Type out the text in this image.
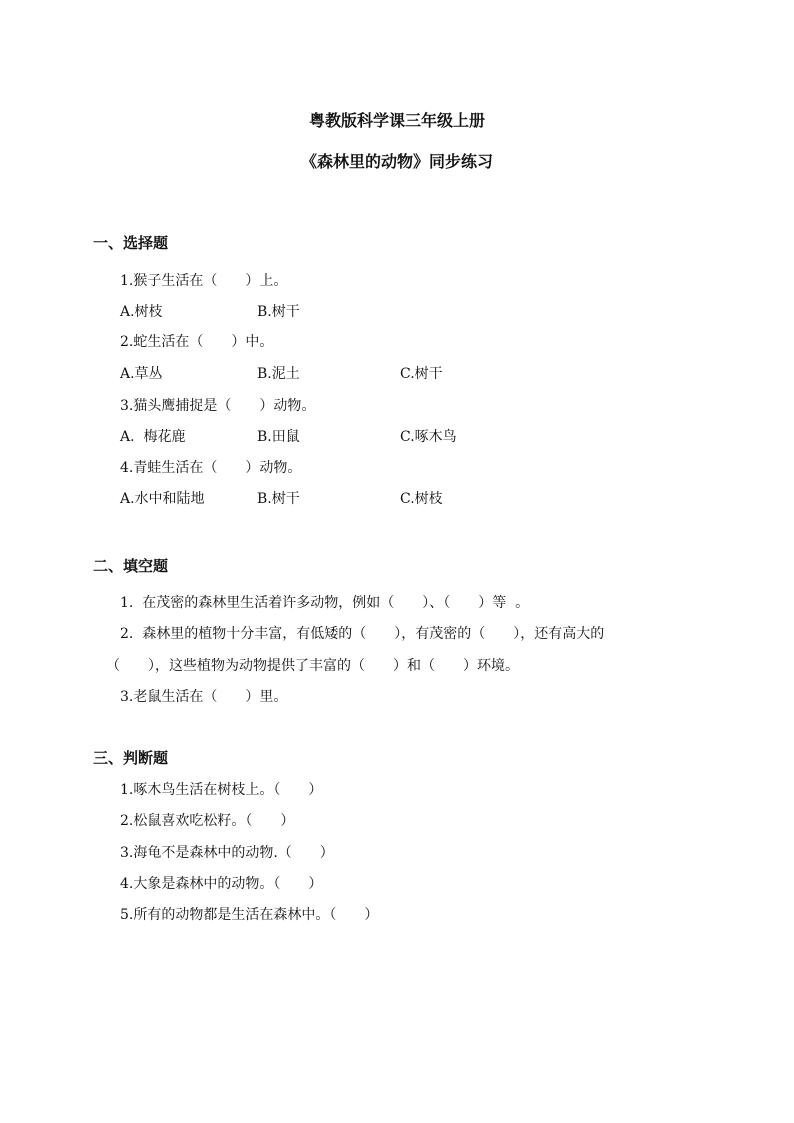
粤教版科学课三年级上册
《森林里的动物》同步练习
一、选择题
1.猴子生活在（　　）上。
A.树枝	B.树干
2.蛇生活在（　　）中。
A.草丛	B.泥土	C.树干
3.猫头鹰捕捉是（　　）动物。
A.  梅花鹿	B.田鼠	C.啄木鸟
4.青蛙生活在（　　）动物。
A.水中和陆地	B.树干	C.树枝
二、填空题
1.  在茂密的森林里生活着许多动物，例如（　　）、（　　）等  。
2.  森林里的植物十分丰富，有低矮的（　　），有茂密的（　　），还有高大的
（　　），这些植物为动物提供了丰富的（　　）和（　　）环境。
3.老鼠生活在（　　）里。
三、判断题
1.啄木鸟生活在树枝上。（　　）
2.松鼠喜欢吃松籽。（　　）
3.海龟不是森林中的动物.（　　）
4.大象是森林中的动物。（　　）
5.所有的动物都是生活在森林中。（　　）
